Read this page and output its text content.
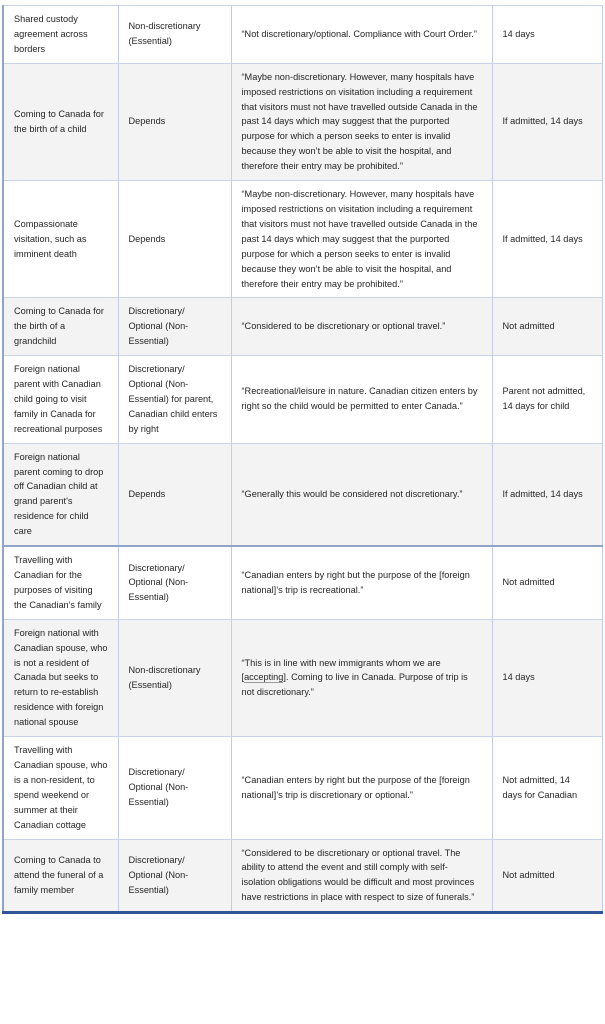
Shared custody agreement across borders	Non-discretionary (Essential)	“Not discretionary/optional. Compliance with Court Order.”	14 days
Coming to Canada for the birth of a child	Depends	“Maybe non-discretionary. However, many hospitals have imposed restrictions on visitation including a requirement that visitors must not have travelled outside Canada in the past 14 days which may suggest that the purported purpose for which a person seeks to enter is invalid because they won’t be able to visit the hospital, and therefore their entry may be prohibited.”	If admitted, 14 days
Compassionate visitation, such as imminent death	Depends	“Maybe non-discretionary. However, many hospitals have imposed restrictions on visitation including a requirement that visitors must not have travelled outside Canada in the past 14 days which may suggest that the purported purpose for which a person seeks to enter is invalid because they won’t be able to visit the hospital, and therefore their entry may be prohibited.”	If admitted, 14 days
Coming to Canada for the birth of a grandchild	Discretionary/ Optional (Non- Essential)	“Considered to be discretionary or optional travel.”	Not admitted
Foreign national parent with Canadian child going to visit family in Canada for recreational purposes	Discretionary/ Optional (Non- Essential) for parent, Canadian child enters by right	“Recreational/leisure in nature. Canadian citizen enters by right so the child would be permitted to enter Canada.”	Parent not admitted, 14 days for child
Foreign national parent coming to drop off Canadian child at grand parent's residence for child care	Depends	“Generally this would be considered not discretionary.”	If admitted, 14 days
Travelling with Canadian for the purposes of visiting the Canadian's family	Discretionary/ Optional (Non- Essential)	“Canadian enters by right but the purpose of the [foreign national]’s trip is recreational.”	Not admitted
Foreign national with Canadian spouse, who is not a resident of Canada but seeks to return to re-establish residence with foreign national spouse	Non-discretionary (Essential)	“This is in line with new immigrants whom we are [accepting]. Coming to live in Canada. Purpose of trip is not discretionary.”	14 days
Travelling with Canadian spouse, who is a non-resident, to spend weekend or summer at their Canadian cottage	Discretionary/ Optional (Non- Essential)	“Canadian enters by right but the purpose of the [foreign national]’s trip is discretionary or optional.”	Not admitted, 14 days for Canadian
Coming to Canada to attend the funeral of a family member	Discretionary/ Optional (Non- Essential)	“Considered to be discretionary or optional travel. The ability to attend the event and still comply with self-isolation obligations would be difficult and most provinces have restrictions in place with respect to size of funerals.”	Not admitted
